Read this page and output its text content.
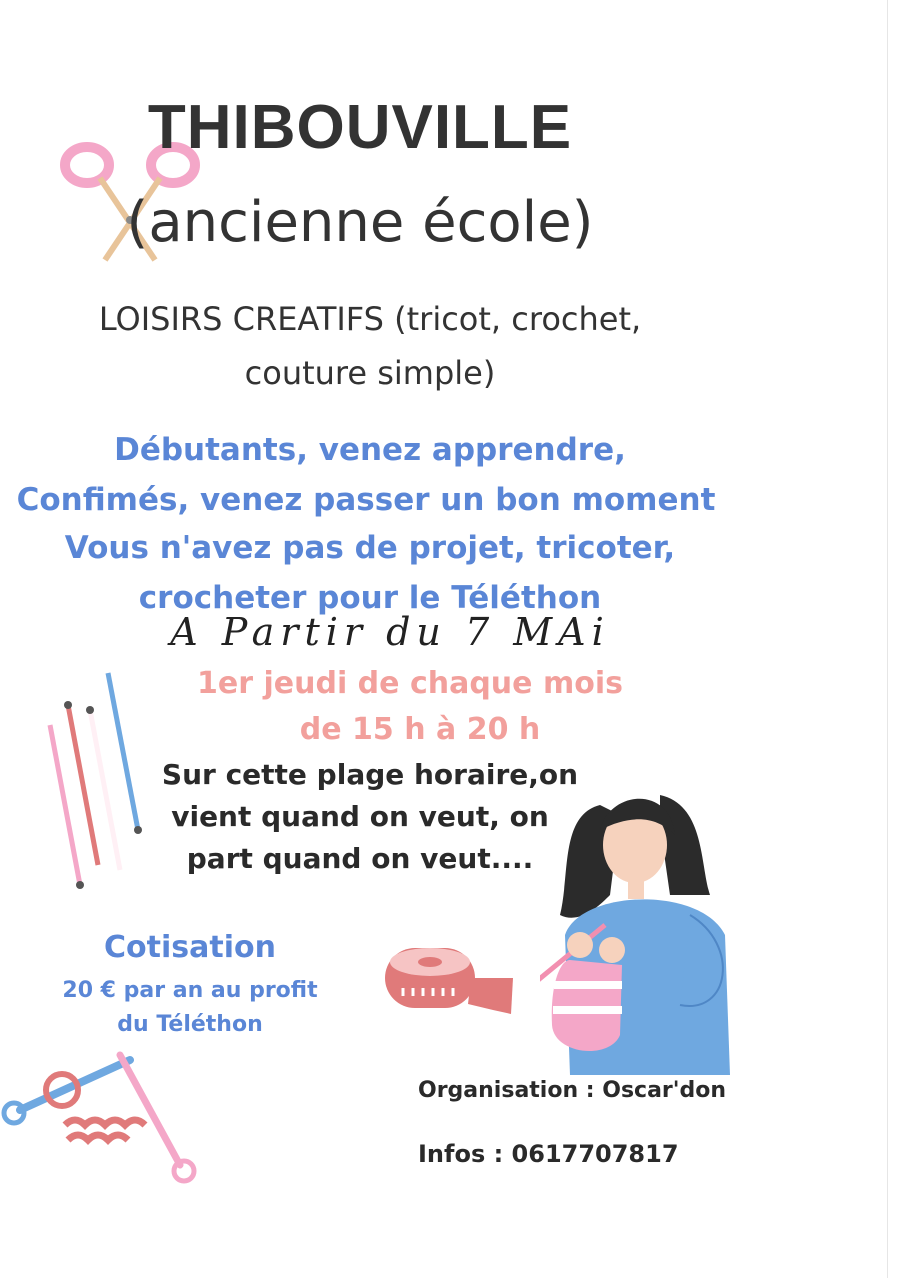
THIBOUVILLE
(ancienne école)
LOISIRS CREATIFS (tricot, crochet,
couture simple)
Débutants, venez apprendre,
Confimés, venez passer un bon moment
Vous n'avez pas de projet, tricoter,
crocheter pour le Téléthon
A Partir du 7 MAi
1er jeudi de chaque mois
de 15 h à 20 h
Sur cette plage horaire,on
vient quand on veut, on
part quand on veut....
Cotisation
20 € par an au profit
du Téléthon
Organisation : Oscar'don
Infos : 0617707817
